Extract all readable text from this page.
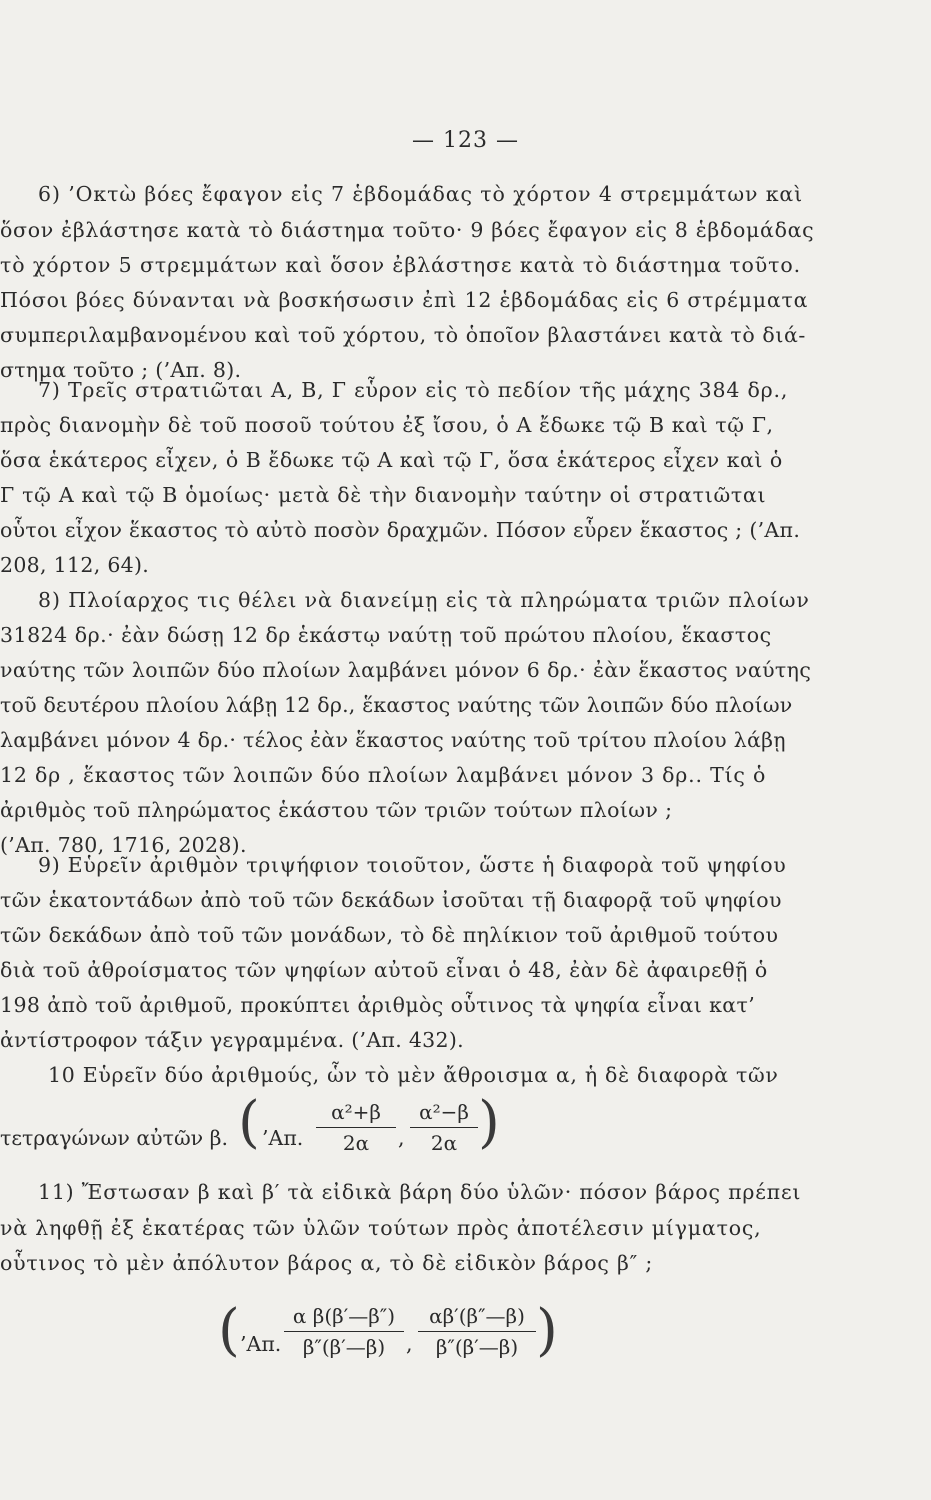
— 123 —
6) ’Οκτὼ βόες ἔφαγον εἰς 7 ἑβδομάδας τὸ χόρτον 4 στρεμμάτων καὶ
ὅσον ἐβλάστησε κατὰ τὸ διάστημα τοῦτο· 9 βόες ἔφαγον εἰς 8 ἑβδομάδας
τὸ χόρτον 5 στρεμμάτων καὶ ὅσον ἐβλάστησε κατὰ τὸ διάστημα τοῦτο.
Πόσοι βόες δύνανται νὰ βοσκήσωσιν ἐπὶ 12 ἑβδομάδας εἰς 6 στρέμματα
συμπεριλαμβανομένου καὶ τοῦ χόρτου, τὸ ὁποῖον βλαστάνει κατὰ τὸ διά-
στημα τοῦτο ; (’Απ. 8).
7) Τρεῖς στρατιῶται Α, Β, Γ εὗρον εἰς τὸ πεδίον τῆς μάχης 384 δρ.,
πρὸς διανομὴν δὲ τοῦ ποσοῦ τούτου ἐξ ἴσου, ὁ Α ἔδωκε τῷ Β καὶ τῷ Γ,
ὅσα ἑκάτερος εἶχεν, ὁ Β ἔδωκε τῷ Α καὶ τῷ Γ, ὅσα ἑκάτερος εἶχεν καὶ ὁ
Γ τῷ Α καὶ τῷ Β ὁμοίως· μετὰ δὲ τὴν διανομὴν ταύτην οἱ στρατιῶται
οὗτοι εἶχον ἕκαστος τὸ αὐτὸ ποσὸν δραχμῶν. Πόσον εὗρεν ἕκαστος ; (’Απ.
208, 112, 64).
8) Πλοίαρχος τις θέλει νὰ διανείμῃ εἰς τὰ πληρώματα τριῶν πλοίων
31824 δρ.· ἐὰν δώσῃ 12 δρ ἑκάστῳ ναύτῃ τοῦ πρώτου πλοίου, ἕκαστος
ναύτης τῶν λοιπῶν δύο πλοίων λαμβάνει μόνον 6 δρ.· ἐὰν ἕκαστος ναύτης
τοῦ δευτέρου πλοίου λάβῃ 12 δρ., ἕκαστος ναύτης τῶν λοιπῶν δύο πλοίων
λαμβάνει μόνον 4 δρ.· τέλος ἐὰν ἕκαστος ναύτης τοῦ τρίτου πλοίου λάβῃ
12 δρ , ἕκαστος τῶν λοιπῶν δύο πλοίων λαμβάνει μόνον 3 δρ.. Τίς ὁ
ἀριθμὸς τοῦ πληρώματος ἑκάστου τῶν τριῶν τούτων πλοίων ;
(’Απ. 780, 1716, 2028).
9) Εὑρεῖν ἀριθμὸν τριψήφιον τοιοῦτον, ὥστε ἡ διαφορὰ τοῦ ψηφίου
τῶν ἑκατοντάδων ἀπὸ τοῦ τῶν δεκάδων ἰσοῦται τῇ διαφορᾷ τοῦ ψηφίου
τῶν δεκάδων ἀπὸ τοῦ τῶν μονάδων, τὸ δὲ πηλίκιον τοῦ ἀριθμοῦ τούτου
διὰ τοῦ ἀθροίσματος τῶν ψηφίων αὐτοῦ εἶναι ὁ 48, ἐὰν δὲ ἀφαιρεθῇ ὁ
198 ἀπὸ τοῦ ἀριθμοῦ, προκύπτει ἀριθμὸς οὗτινος τὰ ψηφία εἶναι κατ’
ἀντίστροφον τάξιν γεγραμμένα. (’Απ. 432).
10 Εὑρεῖν δύο ἀριθμούς, ὧν τὸ μὲν ἄθροισμα α, ἡ δὲ διαφορὰ τῶν
τετραγώνων αὐτῶν β. ( ’Απ. $\frac{\text{α²+β}}{2\alpha}$ , $\frac{\text{α²−β}}{2\alpha}$ )
11) Ἔστωσαν β καὶ β′ τὰ εἰδικὰ βάρη δύο ὑλῶν· πόσον βάρος πρέπει
νὰ ληφθῇ ἐξ ἑκατέρας τῶν ὑλῶν τούτων πρὸς ἀποτέλεσιν μίγματος,
οὗτινος τὸ μὲν ἀπόλυτον βάρος α, τὸ δὲ εἰδικὸν βάρος β″ ;
( ’Απ. $\frac{\text{α β(β′—β″)}}{\beta''(\beta'—\beta)}$ , $\frac{\alpha\beta'(\beta''—\beta)}{\beta''(\beta'—\beta)}$ )
